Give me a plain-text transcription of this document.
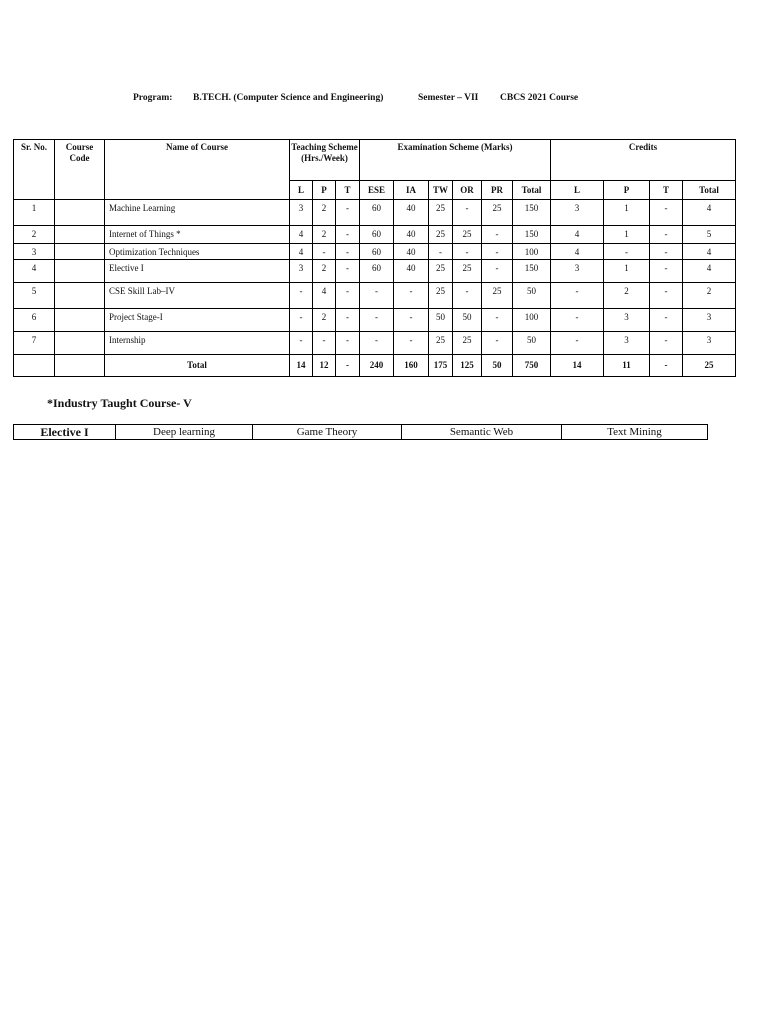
Program: B.TECH. (Computer Science and Engineering)	Semester – VII CBCS 2021 Course
Sr. No.	Course Code	Name of Course	Teaching Scheme (Hrs./Week)			Examination Scheme (Marks)						Credits			
			L	P	T	ESE	IA	TW	OR	PR	Total	L	P	T	Total
1		Machine Learning	3	2	-	60	40	25	-	25	150	3	1	-	4
2		Internet of Things *	4	2	-	60	40	25	25	-	150	4	1	-	5
3		Optimization Techniques	4	-	-	60	40	-	-	-	100	4	-	-	4
4		Elective I	3	2	-	60	40	25	25	-	150	3	1	-	4
5		CSE Skill Lab–IV	-	4	-	-	-	25	-	25	50	-	2	-	2
6		Project Stage-I	-	2	-	-	-	50	50	-	100	-	3	-	3
7		Internship	-	-	-	-	-	25	25	-	50	-	3	-	3
		Total	14	12	-	240	160	175	125	50	750	14	11	-	25
*Industry Taught Course- V
Elective I	Deep learning	Game Theory	Semantic Web	Text Mining
